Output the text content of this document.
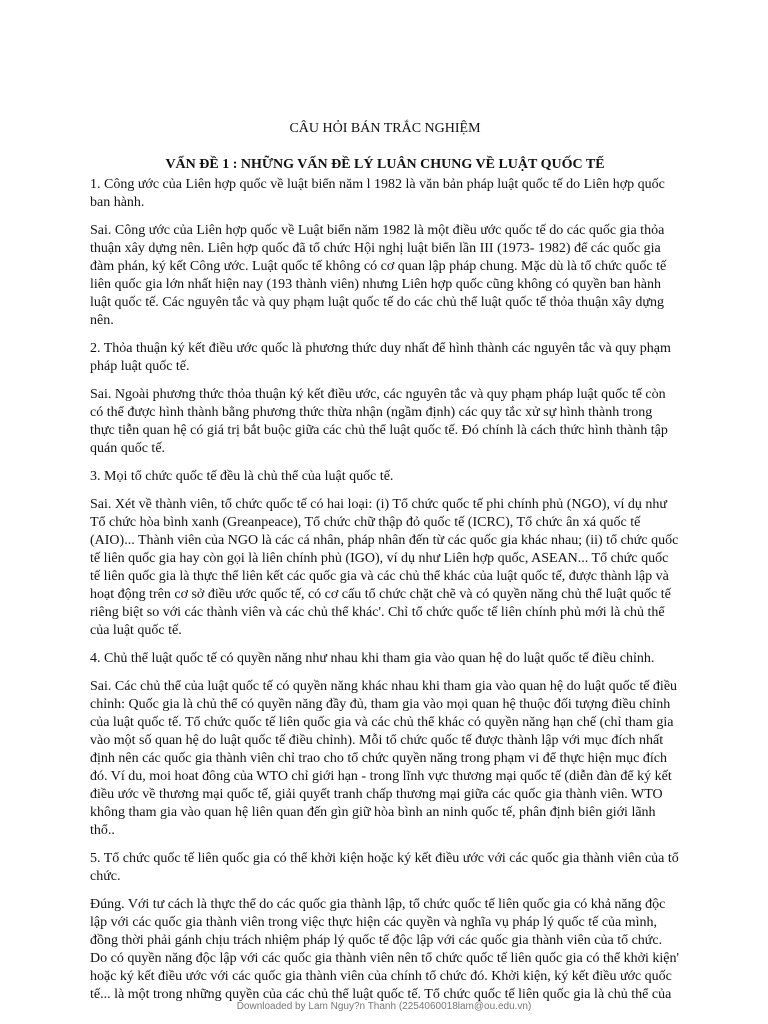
CÂU HỎI BÁN TRẮC NGHIỆM
VẤN ĐỀ 1 : NHỮNG VẤN ĐỀ LÝ LUÂN CHUNG VỀ LUẬT QUỐC TẾ

1. Công ước của Liên hợp quốc về luật biển năm l 1982 là văn bản pháp luật quốc tế do Liên hợp quốc ban hành.

Sai. Công ước của Liên hợp quốc về Luật biển năm 1982 là một điều ước quốc tế do các quốc gia thỏa thuận xây dựng nên. Liên hợp quốc đã tổ chức Hội nghị luật biển lần III (1973- 1982) để các quốc gia đàm phán, ký kết Công ước. Luật quốc tế không có cơ quan lập pháp chung. Mặc dù là tổ chức quốc tế liên quốc gia lớn nhất hiện nay (193 thành viên) nhưng Liên hợp quốc cũng không có quyền ban hành luật quốc tế. Các nguyên tắc và quy phạm luật quốc tế do các chủ thể luật quốc tế thỏa thuận xây dựng nên.

2. Thỏa thuận ký kết điều ước quốc là phương thức duy nhất để hình thành các nguyên tắc và quy phạm pháp luật quốc tế.

Sai. Ngoài phương thức thỏa thuận ký kết điều ước, các nguyên tắc và quy phạm pháp luật quốc tế còn có thể được hình thành bằng phương thức thừa nhận (ngầm định) các quy tắc xử sự hình thành trong thực tiễn quan hệ có giá trị bắt buộc giữa các chủ thể luật quốc tế. Đó chính là cách thức hình thành tập quán quốc tế.

3. Mọi tổ chức quốc tế đều là chủ thể của luật quốc tế.

Sai. Xét về thành viên, tổ chức quốc tế có hai loại: (i) Tổ chức quốc tế phi chính phủ (NGO), ví dụ như Tổ chức hòa bình xanh (Greanpeace), Tổ chức chữ thập đỏ quốc tế (ICRC), Tổ chức ân xá quốc tế (AIO)... Thành viên của NGO là các cá nhân, pháp nhân đến từ các quốc gia khác nhau; (ii) tổ chức quốc tế liên quốc gia hay còn gọi là liên chính phủ (IGO), ví dụ như Liên hợp quốc, ASEAN... Tổ chức quốc tế liên quốc gia là thực thể liên kết các quốc gia và các chủ thể khác của luật quốc tế, được thành lập và hoạt động trên cơ sở điều ước quốc tế, có cơ cấu tổ chức chặt chẽ và có quyền năng chủ thể luật quốc tế riêng biệt so với các thành viên và các chủ thể khác'. Chỉ tổ chức quốc tế liên chính phủ mới là chủ thể của luật quốc tế.

4. Chủ thể luật quốc tế có quyền năng như nhau khi tham gia vào quan hệ do luật quốc tế điều chỉnh.

Sai. Các chủ thể của luật quốc tế có quyền năng khác nhau khi tham gia vào quan hệ do luật quốc tế điều chỉnh: Quốc gia là chủ thể có quyền năng đầy đủ, tham gia vào mọi quan hệ thuộc đối tượng điều chỉnh của luật quốc tế. Tổ chức quốc tế liên quốc gia và các chủ thể khác có quyền năng hạn chế (chỉ tham gia vào một số quan hệ do luật quốc tế điều chỉnh). Mỗi tổ chức quốc tế được thành lập với mục đích nhất định nên các quốc gia thành viên chỉ trao cho tổ chức quyền năng trong phạm vi để thực hiện mục đích đó. Ví du, moi hoat đông của WTO chỉ giới hạn - trong lĩnh vực thương mại quốc tế (diễn đàn để ký kết điều ước về thương mại quốc tế, giải quyết tranh chấp thương mại giữa các quốc gia thành viên. WTO không tham gia vào quan hệ liên quan đến gìn giữ hòa bình an ninh quốc tế, phân định biên giới lãnh thổ..

5. Tổ chức quốc tế liên quốc gia có thể khởi kiện hoặc ký kết điều ước với các quốc gia thành viên của tổ chức.

Đúng. Với tư cách là thực thể do các quốc gia thành lập, tổ chức quốc tế liên quốc gia có khả năng độc lập với các quốc gia thành viên trong việc thực hiện các quyền và nghĩa vụ pháp lý quốc tế của mình, đồng thời phải gánh chịu trách nhiệm pháp lý quốc tế độc lập với các quốc gia thành viên của tổ chức. Do có quyền năng độc lập với các quốc gia thành viên nên tổ chức quốc tế liên quốc gia có thể khởi kiện' hoặc ký kết điều ước với các quốc gia thành viên của chính tổ chức đó. Khởi kiện, ký kết điều ước quốc tế... là một trong những quyền của các chủ thể luật quốc tế. Tổ chức quốc tế liên quốc gia là chủ thể của

Downloaded by Lam Nguy?n Thanh (2254060018lam@ou.edu.vn)
